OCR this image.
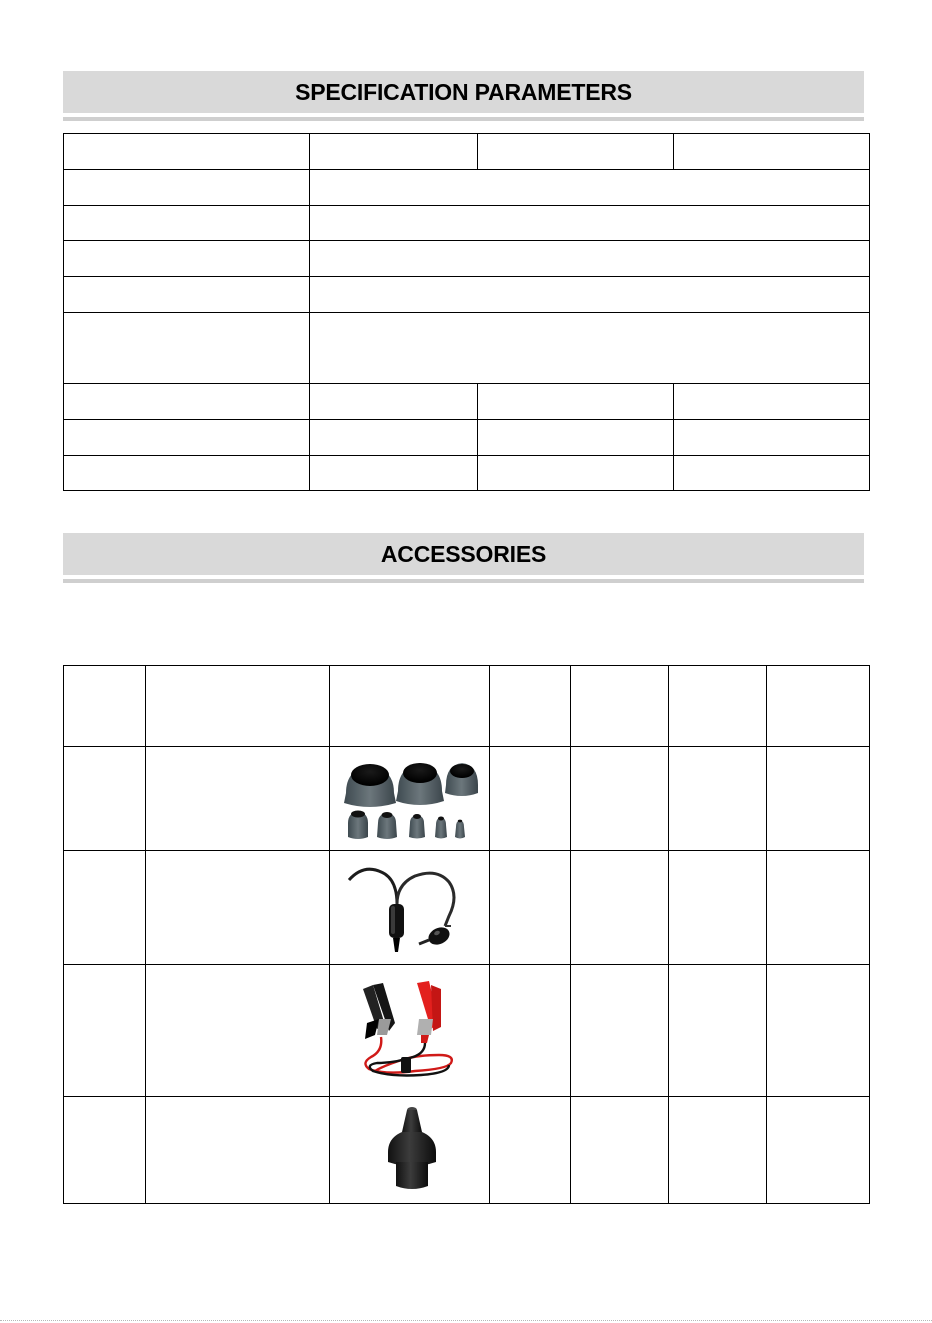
SPECIFICATION PARAMETERS

ACCESSORIES
